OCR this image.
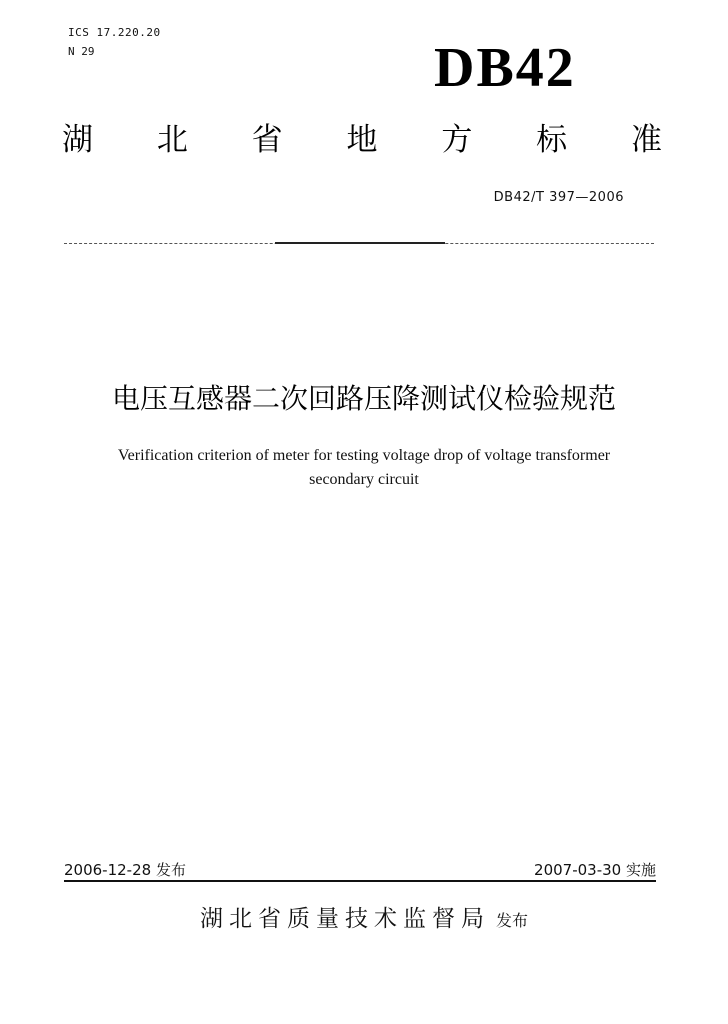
ICS 17.220.20
N 29	DB42
湖 北 省 地 方 标 准
DB42/T 397—2006
电压互感器二次回路压降测试仪检验规范
Verification criterion of meter for testing voltage drop of voltage transformer
secondary circuit
2006-12-28 发布	2007-03-30 实施
湖北省质量技术监督局 发布
